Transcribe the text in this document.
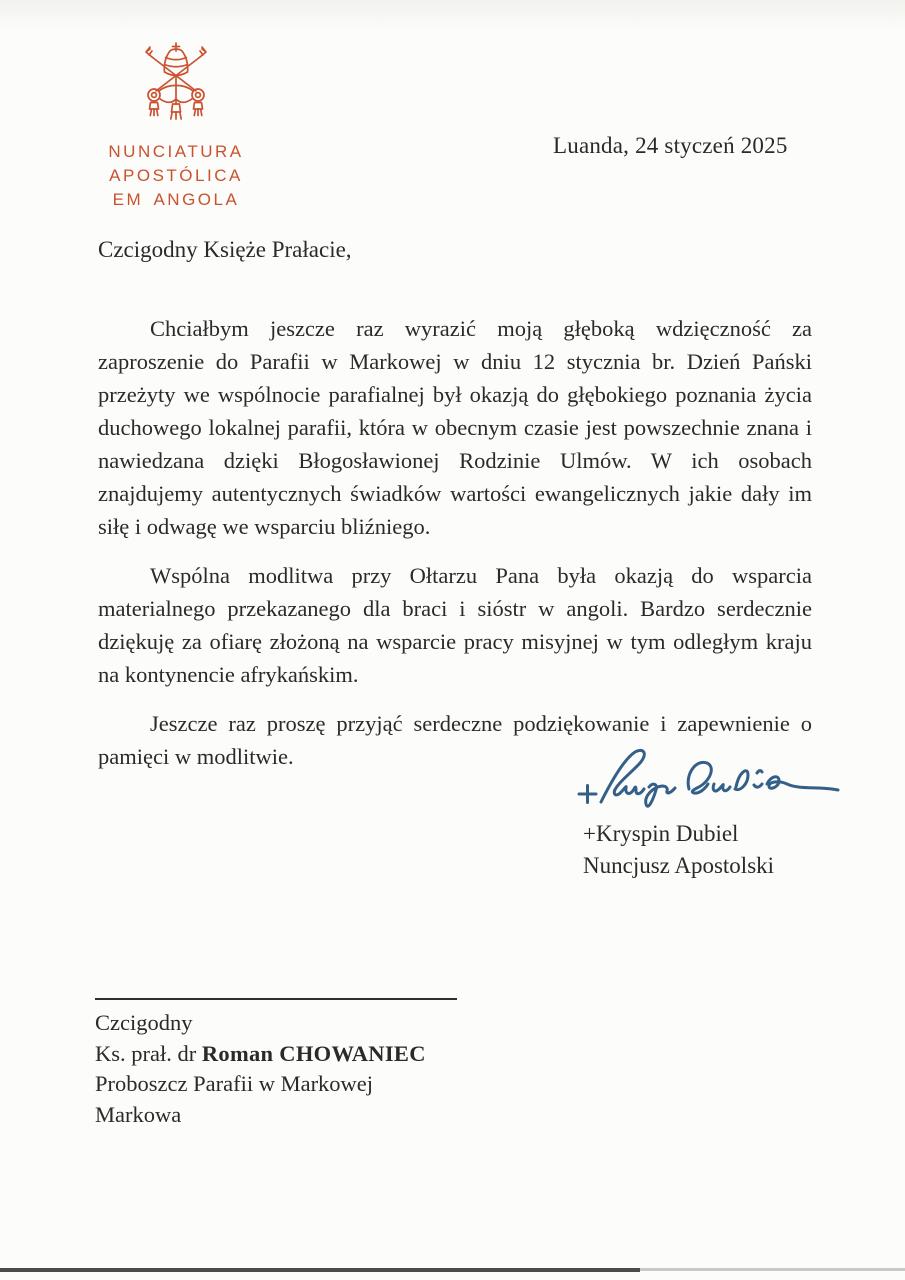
NUNCIATURA APOSTÓLICA
EM ANGOLA
Luanda, 24 styczeń 2025
Czcigodny Księże Prałacie,

Chciałbym jeszcze raz wyrazić moją głęboką wdzięczność za zaproszenie do Parafii w Markowej w dniu 12 stycznia br. Dzień Pański przeżyty we wspólnocie parafialnej był okazją do głębokiego poznania życia duchowego lokalnej parafii, która w obecnym czasie jest powszechnie znana i nawiedzana dzięki Błogosławionej Rodzinie Ulmów. W ich osobach znajdujemy autentycznych świadków wartości ewangelicznych jakie dały im siłę i odwagę we wsparciu bliźniego.

Wspólna modlitwa przy Ołtarzu Pana była okazją do wsparcia materialnego przekazanego dla braci i sióstr w angoli. Bardzo serdecznie dziękuję za ofiarę złożoną na wsparcie pracy misyjnej w tym odległym kraju na kontynencie afrykańskim.

Jeszcze raz proszę przyjąć serdeczne podziękowanie i zapewnienie o pamięci w modlitwie.

+Kryspin Dubiel
Nuncjusz Apostolski
Czcigodny
Ks. prał. dr Roman CHOWANIEC
Proboszcz Parafii w Markowej
Markowa
